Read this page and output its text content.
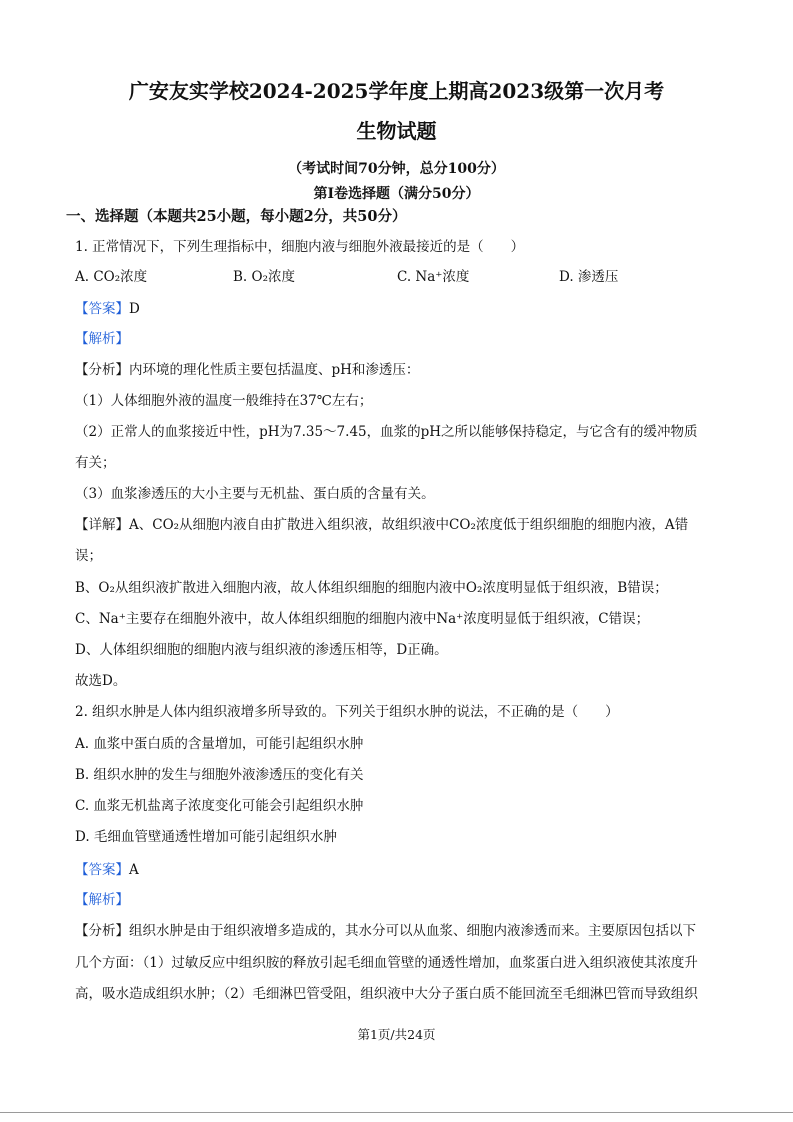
广安友实学校2024-2025学年度上期高2023级第一次月考
生物试题
（考试时间70分钟，总分100分）
第Ⅰ卷选择题（满分50分）
一、选择题（本题共25小题，每小题2分，共50分）
1. 正常情况下，下列生理指标中，细胞内液与细胞外液最接近的是（　　）
A. CO₂浓度	B. O₂浓度	C. Na⁺浓度	D. 渗透压
【答案】D
【解析】
【分析】内环境的理化性质主要包括温度、pH和渗透压：
（1）人体细胞外液的温度一般维持在37℃左右；
（2）正常人的血浆接近中性，pH为7.35～7.45，血浆的pH之所以能够保持稳定，与它含有的缓冲物质
有关；
（3）血浆渗透压的大小主要与无机盐、蛋白质的含量有关。
【详解】A、CO₂从细胞内液自由扩散进入组织液，故组织液中CO₂浓度低于组织细胞的细胞内液，A错
误；
B、O₂从组织液扩散进入细胞内液，故人体组织细胞的细胞内液中O₂浓度明显低于组织液，B错误；
C、Na⁺主要存在细胞外液中，故人体组织细胞的细胞内液中Na⁺浓度明显低于组织液，C错误；
D、人体组织细胞的细胞内液与组织液的渗透压相等，D正确。
故选D。
2. 组织水肿是人体内组织液增多所导致的。下列关于组织水肿的说法，不正确的是（　　）
A. 血浆中蛋白质的含量增加，可能引起组织水肿
B. 组织水肿的发生与细胞外液渗透压的变化有关
C. 血浆无机盐离子浓度变化可能会引起组织水肿
D. 毛细血管壁通透性增加可能引起组织水肿
【答案】A
【解析】
【分析】组织水肿是由于组织液增多造成的，其水分可以从血浆、细胞内液渗透而来。主要原因包括以下
几个方面：（1）过敏反应中组织胺的释放引起毛细血管壁的通透性增加，血浆蛋白进入组织液使其浓度升
高，吸水造成组织水肿；（2）毛细淋巴管受阻，组织液中大分子蛋白质不能回流至毛细淋巴管而导致组织
第1页/共24页
